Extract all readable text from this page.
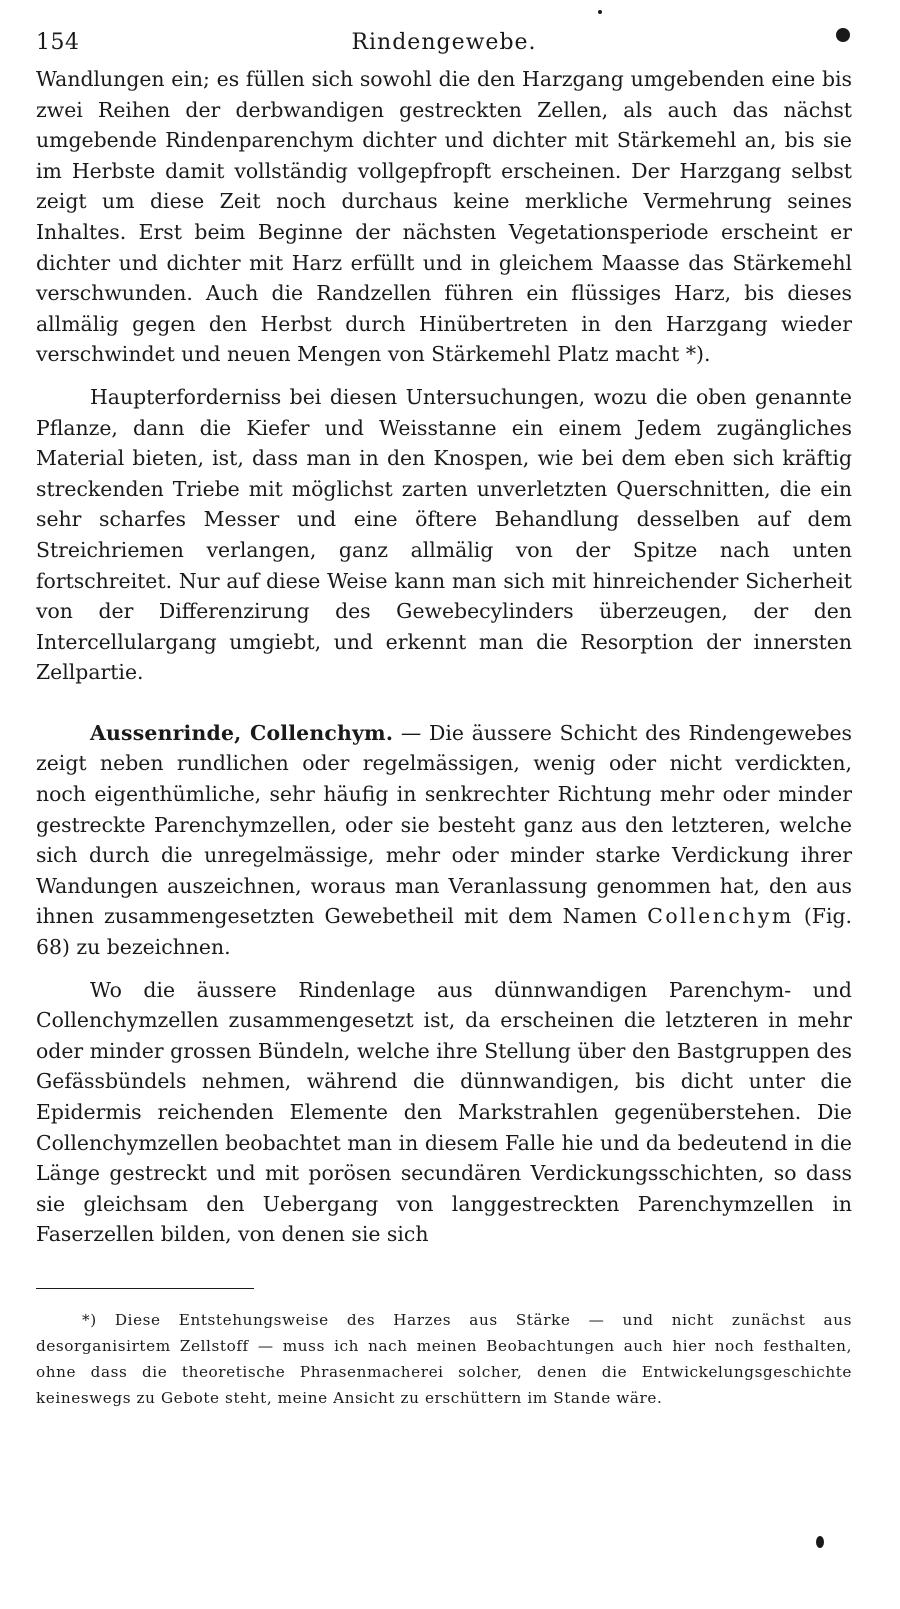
154	Rindengewebe.

Wandlungen ein; es füllen sich sowohl die den Harzgang umgebenden eine bis zwei Reihen der derbwandigen gestreckten Zellen, als auch das nächst umgebende Rindenparenchym dichter und dichter mit Stärkemehl an, bis sie im Herbste damit vollständig vollgepfropft erscheinen. Der Harzgang selbst zeigt um diese Zeit noch durchaus keine merkliche Vermehrung seines Inhaltes. Erst beim Beginne der nächsten Vegetationsperiode erscheint er dichter und dichter mit Harz erfüllt und in gleichem Maasse das Stärkemehl verschwunden. Auch die Randzellen führen ein flüssiges Harz, bis dieses allmälig gegen den Herbst durch Hinübertreten in den Harzgang wieder verschwindet und neuen Mengen von Stärkemehl Platz macht *).

Haupterforderniss bei diesen Untersuchungen, wozu die oben genannte Pflanze, dann die Kiefer und Weisstanne ein einem Jedem zugängliches Material bieten, ist, dass man in den Knospen, wie bei dem eben sich kräftig streckenden Triebe mit möglichst zarten unverletzten Querschnitten, die ein sehr scharfes Messer und eine öftere Behandlung desselben auf dem Streichriemen verlangen, ganz allmälig von der Spitze nach unten fortschreitet. Nur auf diese Weise kann man sich mit hinreichender Sicherheit von der Differenzirung des Gewebecylinders überzeugen, der den Intercellulargang umgiebt, und erkennt man die Resorption der innersten Zellpartie.

Aussenrinde, Collenchym. — Die äussere Schicht des Rindengewebes zeigt neben rundlichen oder regelmässigen, wenig oder nicht verdickten, noch eigenthümliche, sehr häufig in senkrechter Richtung mehr oder minder gestreckte Parenchymzellen, oder sie besteht ganz aus den letzteren, welche sich durch die unregelmässige, mehr oder minder starke Verdickung ihrer Wandungen auszeichnen, woraus man Veranlassung genommen hat, den aus ihnen zusammengesetzten Gewebetheil mit dem Namen Collenchym (Fig. 68) zu bezeichnen.

Wo die äussere Rindenlage aus dünnwandigen Parenchym- und Collenchymzellen zusammengesetzt ist, da erscheinen die letzteren in mehr oder minder grossen Bündeln, welche ihre Stellung über den Bastgruppen des Gefässbündels nehmen, während die dünnwandigen, bis dicht unter die Epidermis reichenden Elemente den Markstrahlen gegenüberstehen. Die Collenchymzellen beobachtet man in diesem Falle hie und da bedeutend in die Länge gestreckt und mit porösen secundären Verdickungsschichten, so dass sie gleichsam den Uebergang von langgestreckten Parenchymzellen in Faserzellen bilden, von denen sie sich

*) Diese Entstehungsweise des Harzes aus Stärke — und nicht zunächst aus desorganisirtem Zellstoff — muss ich nach meinen Beobachtungen auch hier noch festhalten, ohne dass die theoretische Phrasenmacherei solcher, denen die Entwickelungsgeschichte keineswegs zu Gebote steht, meine Ansicht zu erschüttern im Stande wäre.
